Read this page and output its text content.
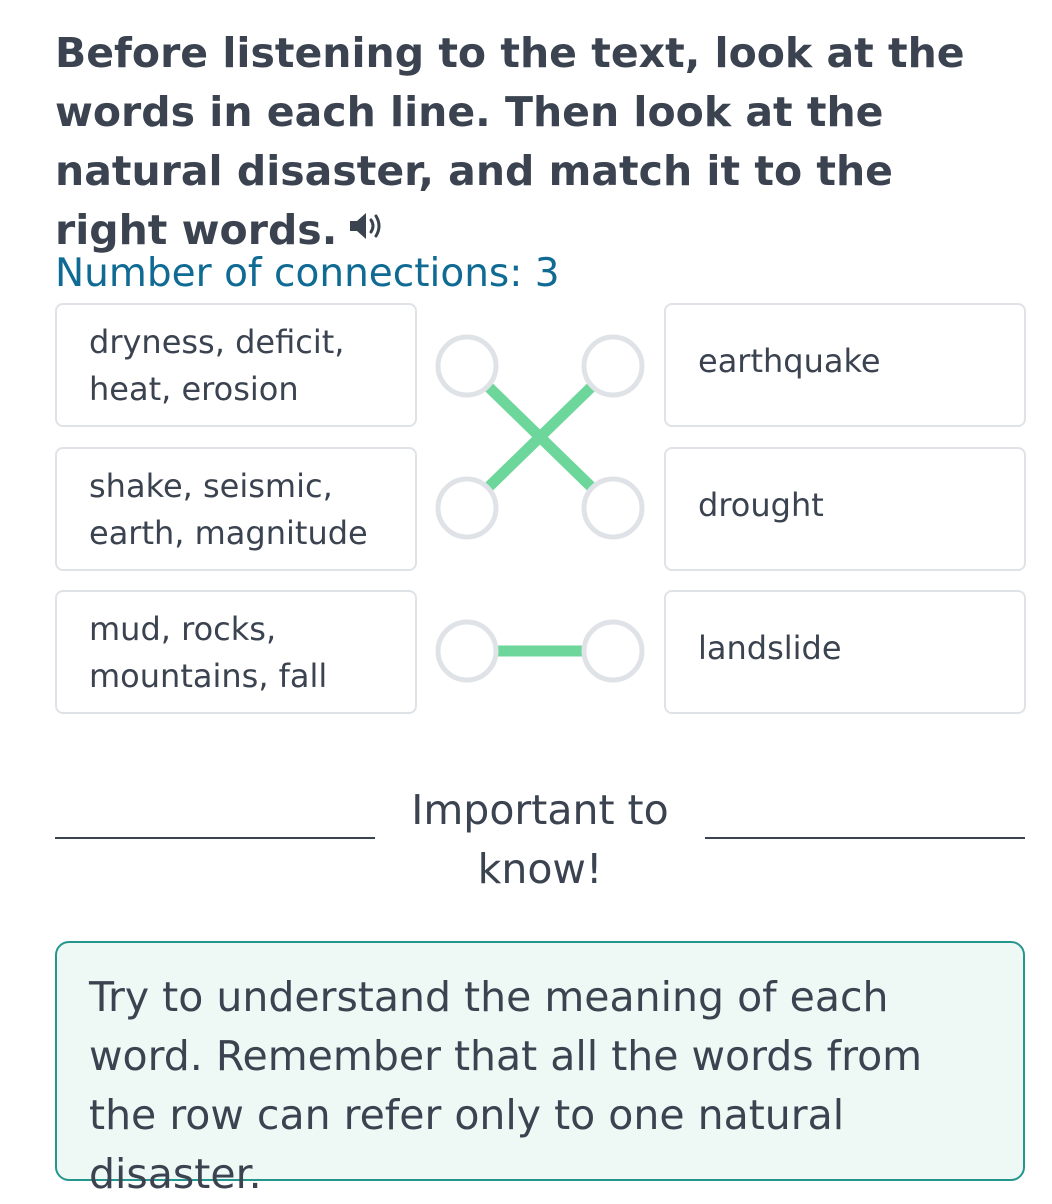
Before listening to the text, look at the words in each line. Then look at the natural disaster, and match it to the right words.

Number of connections: 3

dryness, deficit, heat, erosion
shake, seismic, earth, magnitude
mud, rocks, mountains, fall
earthquake
drought
landslide

Important to know!

Try to understand the meaning of each word. Remember that all the words from the row can refer only to one natural disaster.
